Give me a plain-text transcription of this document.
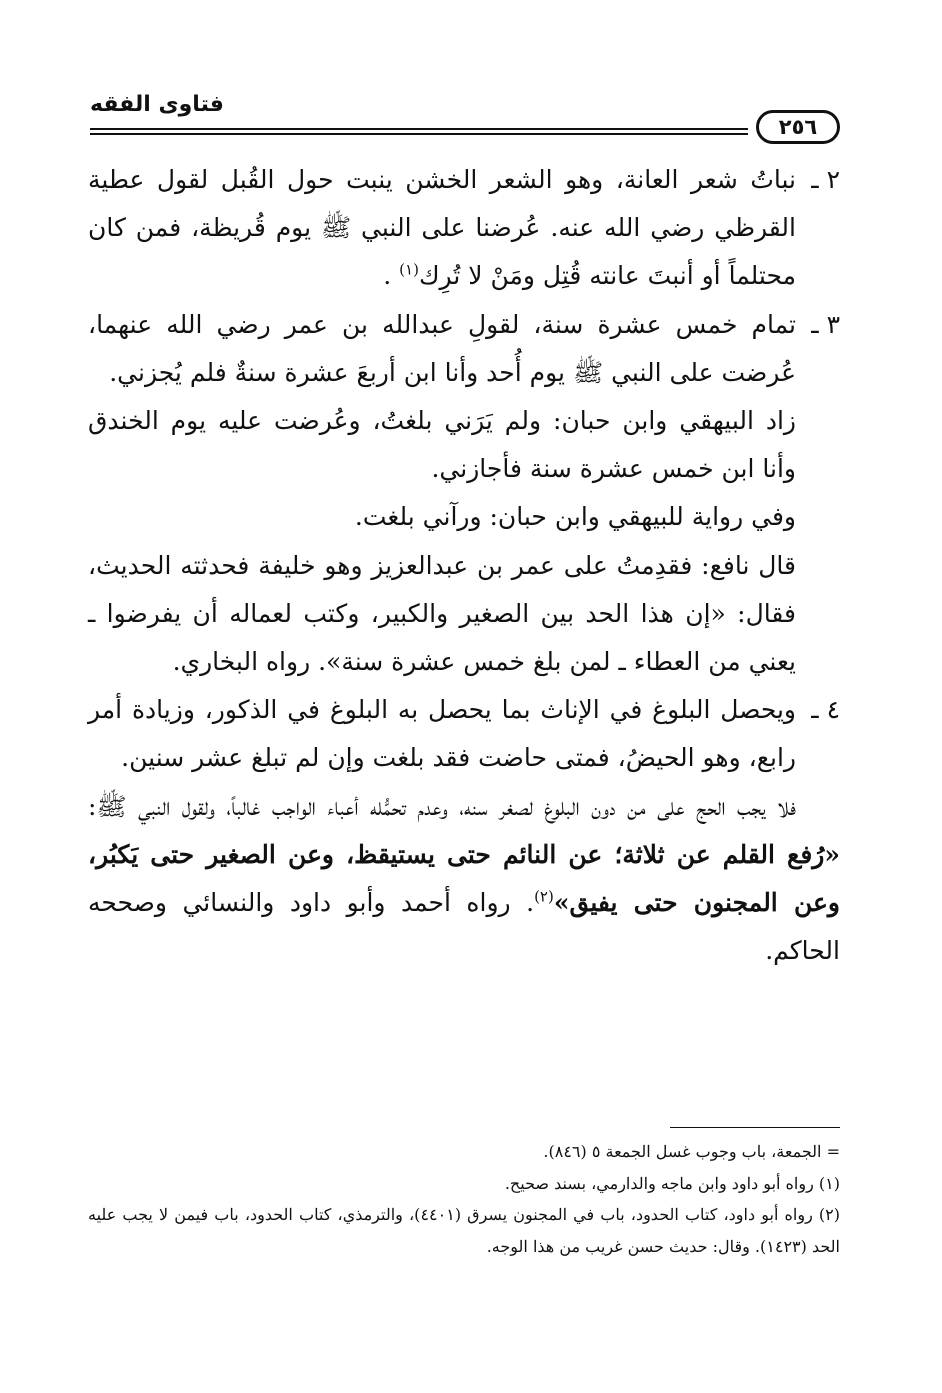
٢٥٦
فتاوى الفقه
٢ ـ
نباتُ شعر العانة، وهو الشعر الخشن ينبت حول القُبل لقول عطية القرظي رضي الله عنه. عُرضنا على النبي ﷺ يوم قُريظة، فمن كان محتلماً أو أنبتَ عانته قُتِل ومَنْ لا تُرِك$^{(١)}$ .
٣ ـ
تمام خمس عشرة سنة، لقولِ عبدالله بن عمر رضي الله عنهما، عُرضت على النبي ﷺ يوم أُحد وأنا ابن أربعَ عشرة سنةٌ فلم يُجزني.
زاد البيهقي وابن حبان: ولم يَرَني بلغتُ، وعُرضت عليه يوم الخندق وأنا ابن خمس عشرة سنة فأجازني.
وفي رواية للبيهقي وابن حبان: ورآني بلغت.
قال نافع: فقدِمتُ على عمر بن عبدالعزيز وهو خليفة فحدثته الحديث، فقال: «إن هذا الحد بين الصغير والكبير، وكتب لعماله أن يفرضوا ـ يعني من العطاء ـ لمن بلغ خمس عشرة سنة». رواه البخاري.
٤ ـ
ويحصل البلوغ في الإناث بما يحصل به البلوغ في الذكور، وزيادة أمر رابع، وهو الحيضُ، فمتى حاضت فقد بلغت وإن لم تبلغ عشر سنين.
فلا يجب الحج على من دون البلوغ لصغر سنه، وعدم تحمُّله أعباء الواجب غالباً، ولقول النبي ﷺ: «رُفع القلم عن ثلاثة؛ عن النائم حتى يستيقظ، وعن الصغير حتى يَكبُر، وعن المجنون حتى يفيق»$^{(٢)}$. رواه أحمد وأبو داود والنسائي وصححه الحاكم.

= الجمعة، باب وجوب غسل الجمعة ٥ (٨٤٦).

(١) رواه أبو داود وابن ماجه والدارمي، بسند صحيح.

(٢) رواه أبو داود، كتاب الحدود، باب في المجنون يسرق (٤٤٠١)، والترمذي، كتاب الحدود، باب فيمن لا يجب عليه الحد (١٤٢٣). وقال: حديث حسن غريب من هذا الوجه.
